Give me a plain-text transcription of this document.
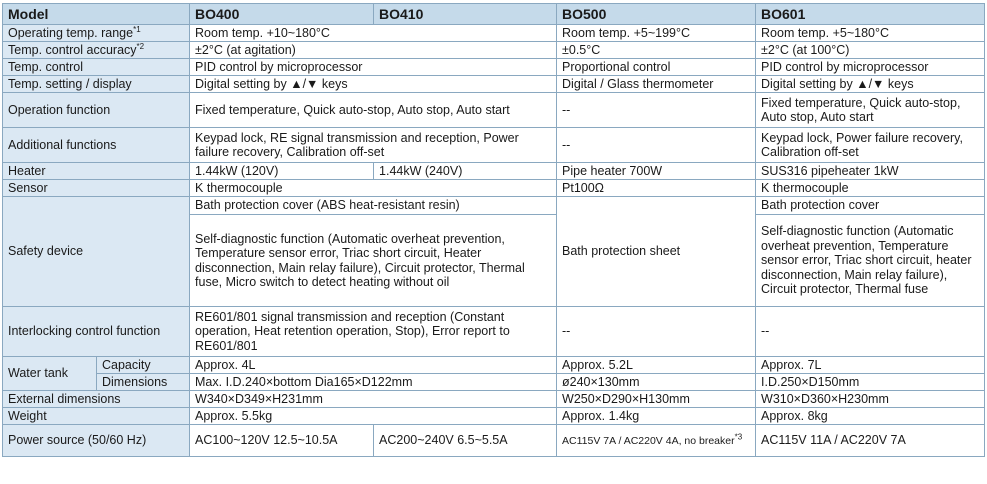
Model		BO400	BO410	BO500	BO601
Operating temp. range$^{*1}$		Room temp. +10~180°C		Room temp. +5~199°C	Room temp. +5~180°C
Temp. control accuracy$^{*2}$		±2°C (at agitation)		±0.5°C	±2°C (at 100°C)
Temp. control		PID control by microprocessor		Proportional control	PID control by microprocessor
Temp. setting / display		Digital setting by ▲/▼ keys		Digital / Glass thermometer	Digital setting by ▲/▼ keys
Operation function		Fixed temperature, Quick auto-stop, Auto stop, Auto start		--	Fixed temperature, Quick auto-stop, Auto stop, Auto start
Additional functions		Keypad lock, RE signal transmission and reception, Power failure recovery, Calibration off-set		--	Keypad lock, Power failure recovery, Calibration off-set
Heater		1.44kW (120V)	1.44kW (240V)	Pipe heater 700W	SUS316 pipeheater 1kW
Sensor		K thermocouple		Pt100Ω	K thermocouple
Safety device		Bath protection cover (ABS heat-resistant resin)		Bath protection sheet	Bath protection cover
		Self-diagnostic function (Automatic overheat prevention, Temperature sensor error, Triac short circuit, Heater disconnection, Main relay failure), Circuit protector, Thermal fuse, Micro switch to detect heating without oil			Self-diagnostic function (Automatic overheat prevention, Temperature sensor error, Triac short circuit, heater disconnection, Main relay failure), Circuit protector, Thermal fuse
Interlocking control function		RE601/801 signal transmission and reception (Constant operation, Heat retention operation, Stop), Error report to RE601/801		--	--
Water tank	Capacity	Approx. 4L		Approx. 5.2L	Approx. 7L
	Dimensions	Max. I.D.240×bottom Dia165×D122mm		ø240×130mm	I.D.250×D150mm
External dimensions		W340×D349×H231mm		W250×D290×H130mm	W310×D360×H230mm
Weight		Approx. 5.5kg		Approx. 1.4kg	Approx. 8kg
Power source (50/60 Hz)		AC100~120V 12.5~10.5A	AC200~240V 6.5~5.5A	AC115V 7A / AC220V 4A, no breaker$^{*3}$	AC115V 11A / AC220V 7A
